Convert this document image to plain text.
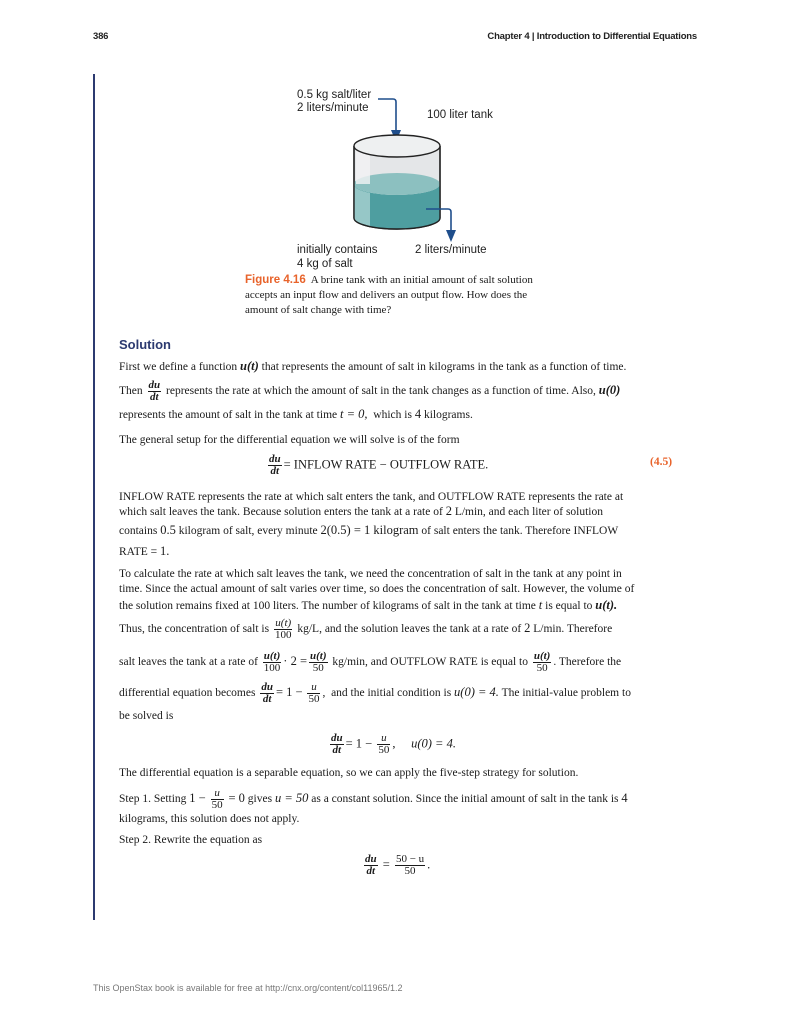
386	Chapter 4 | Introduction to Differential Equations
0.5 kg salt/liter
2 liters/minute
100 liter tank
initially contains
4 kg of salt
2 liters/minute
Figure 4.16 A brine tank with an initial amount of salt solution accepts an input flow and delivers an output flow. How does the amount of salt change with time?
Solution
First we define a function u(t) that represents the amount of salt in kilograms in the tank as a function of time.
Then $\frac{du}{dt}$ represents the rate at which the amount of salt in the tank changes as a function of time. Also, u(0)
represents the amount of salt in the tank at time t = 0, which is 4 kilograms.
The general setup for the differential equation we will solve is of the form
$\frac{du}{dt}$ = INFLOW RATE − OUTFLOW RATE.	(4.5)
INFLOW RATE represents the rate at which salt enters the tank, and OUTFLOW RATE represents the rate at
which salt leaves the tank. Because solution enters the tank at a rate of 2 L/min, and each liter of solution
contains 0.5 kilogram of salt, every minute 2(0.5) = 1 kilogram of salt enters the tank. Therefore INFLOW
RATE = 1.
To calculate the rate at which salt leaves the tank, we need the concentration of salt in the tank at any point in
time. Since the actual amount of salt varies over time, so does the concentration of salt. However, the volume of
the solution remains fixed at 100 liters. The number of kilograms of salt in the tank at time t is equal to u(t).
Thus, the concentration of salt is $\frac{u(t)}{100} kg/L$, and the solution leaves the tank at a rate of 2 L/min. Therefore
salt leaves the tank at a rate of $\frac{u(t)}{100} \cdot 2 = \frac{u(t)}{50} kg/\min$, and OUTFLOW RATE is equal to $\frac{u(t)}{50}$ . Therefore the
differential equation becomes $\frac{du}{dt} = 1 - \frac{u}{50}$ , and the initial condition is u(0) = 4. The initial-value problem to
be solved is
$\frac{du}{dt} = 1 - \frac{u}{50}$ , u(0) = 4.
The differential equation is a separable equation, so we can apply the five-step strategy for solution.
Step 1. Setting $1 - \frac{u}{50} = 0$ gives u = 50 as a constant solution. Since the initial amount of salt in the tank is 4
kilograms, this solution does not apply.
Step 2. Rewrite the equation as
$\frac{du}{dt} = \frac{50 - u}{50}$ .
This OpenStax book is available for free at http://cnx.org/content/col11965/1.2
